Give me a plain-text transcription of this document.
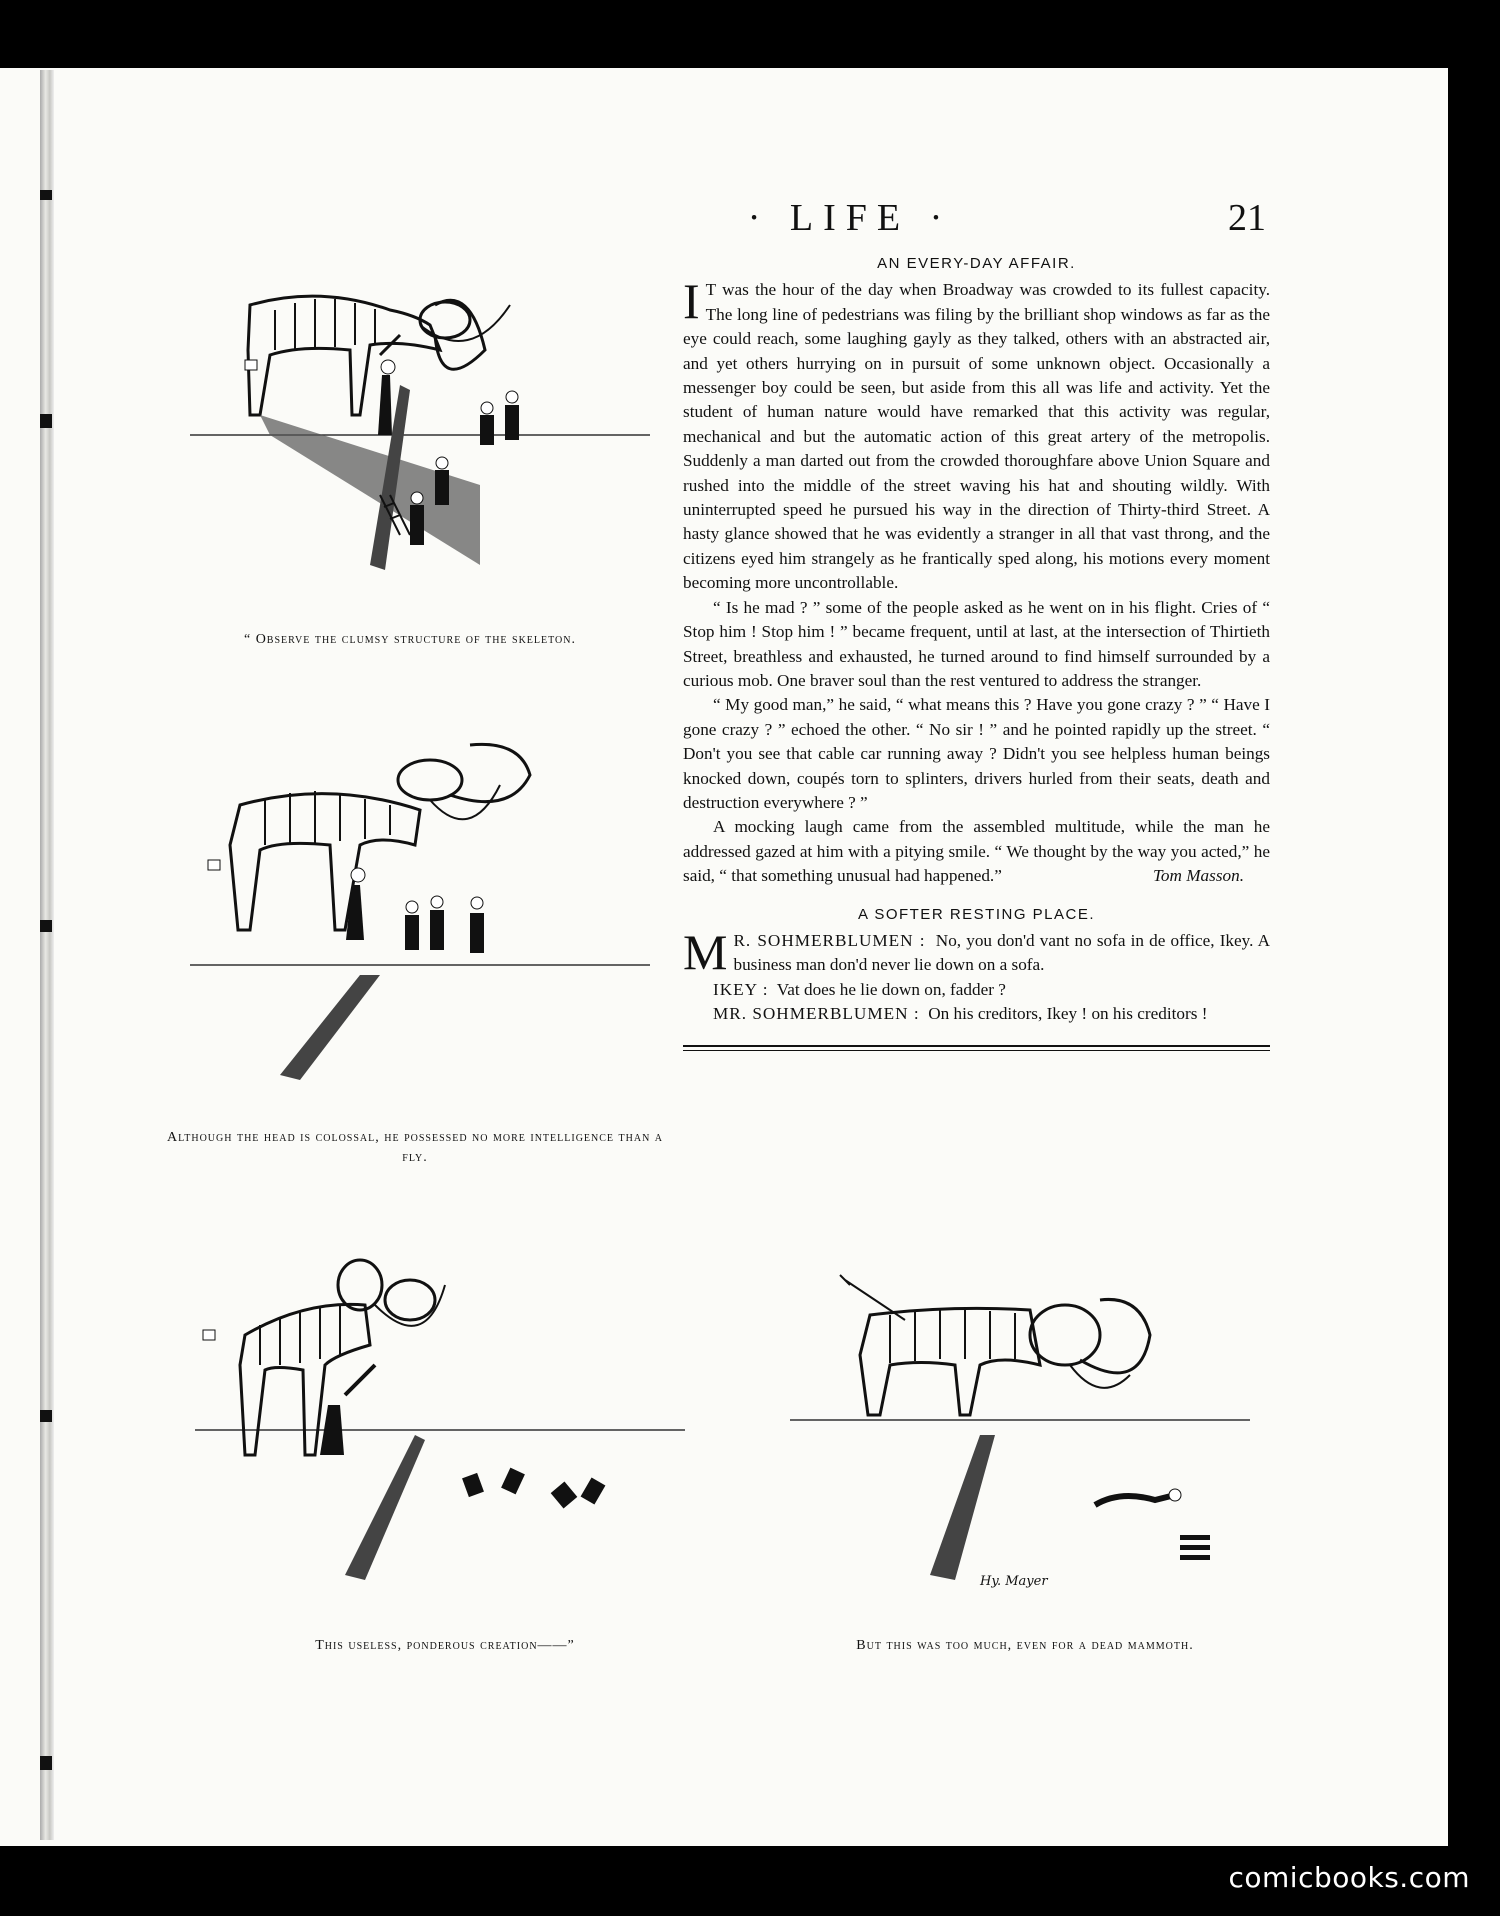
· LIFE ·	21
AN EVERY-DAY AFFAIR.

I T was the hour of the day when Broadway was crowded to its fullest capacity. The long line of pedestrians was filing by the brilliant shop windows as far as the eye could reach, some laughing gayly as they talked, others with an abstracted air, and yet others hurrying on in pursuit of some unknown object. Occasionally a messenger boy could be seen, but aside from this all was life and activity. Yet the student of human nature would have remarked that this activity was regular, mechanical and but the automatic action of this great artery of the metropolis. Suddenly a man darted out from the crowded thoroughfare above Union Square and rushed into the middle of the street waving his hat and shouting wildly. With uninterrupted speed he pursued his way in the direction of Thirty-third Street. A hasty glance showed that he was evidently a stranger in all that vast throng, and the citizens eyed him strangely as he frantically sped along, his motions every moment becoming more uncontrollable.

“ Is he mad ? ” some of the people asked as he went on in his flight. Cries of “ Stop him ! Stop him ! ” became frequent, until at last, at the intersection of Thirtieth Street, breathless and exhausted, he turned around to find himself surrounded by a curious mob. One braver soul than the rest ventured to address the stranger.

“ My good man,” he said, “ what means this ? Have you gone crazy ? ” “ Have I gone crazy ? ” echoed the other. “ No sir ! ” and he pointed rapidly up the street. “ Don't you see that cable car running away ? Didn't you see helpless human beings knocked down, coupés torn to splinters, drivers hurled from their seats, death and destruction everywhere ? ”

A mocking laugh came from the assembled multitude, while the man he addressed gazed at him with a pitying smile. “ We thought by the way you acted,” he said, “ that something unusual had happened.”	Tom Masson.

A SOFTER RESTING PLACE.

M R. SOHMERBLUMEN : No, you don'd vant no sofa in de office, Ikey. A business man don'd never lie down on a sofa.

IKEY : Vat does he lie down on, fadder ?

MR. SOHMERBLUMEN : On his creditors, Ikey ! on his creditors !

“ Observe the clumsy structure of the skeleton.
Although the head is colossal, he possessed no more intelligence than a fly.
This useless, ponderous creation——”
Hy. Mayer
But this was too much, even for a dead mammoth.
comicbooks.com
